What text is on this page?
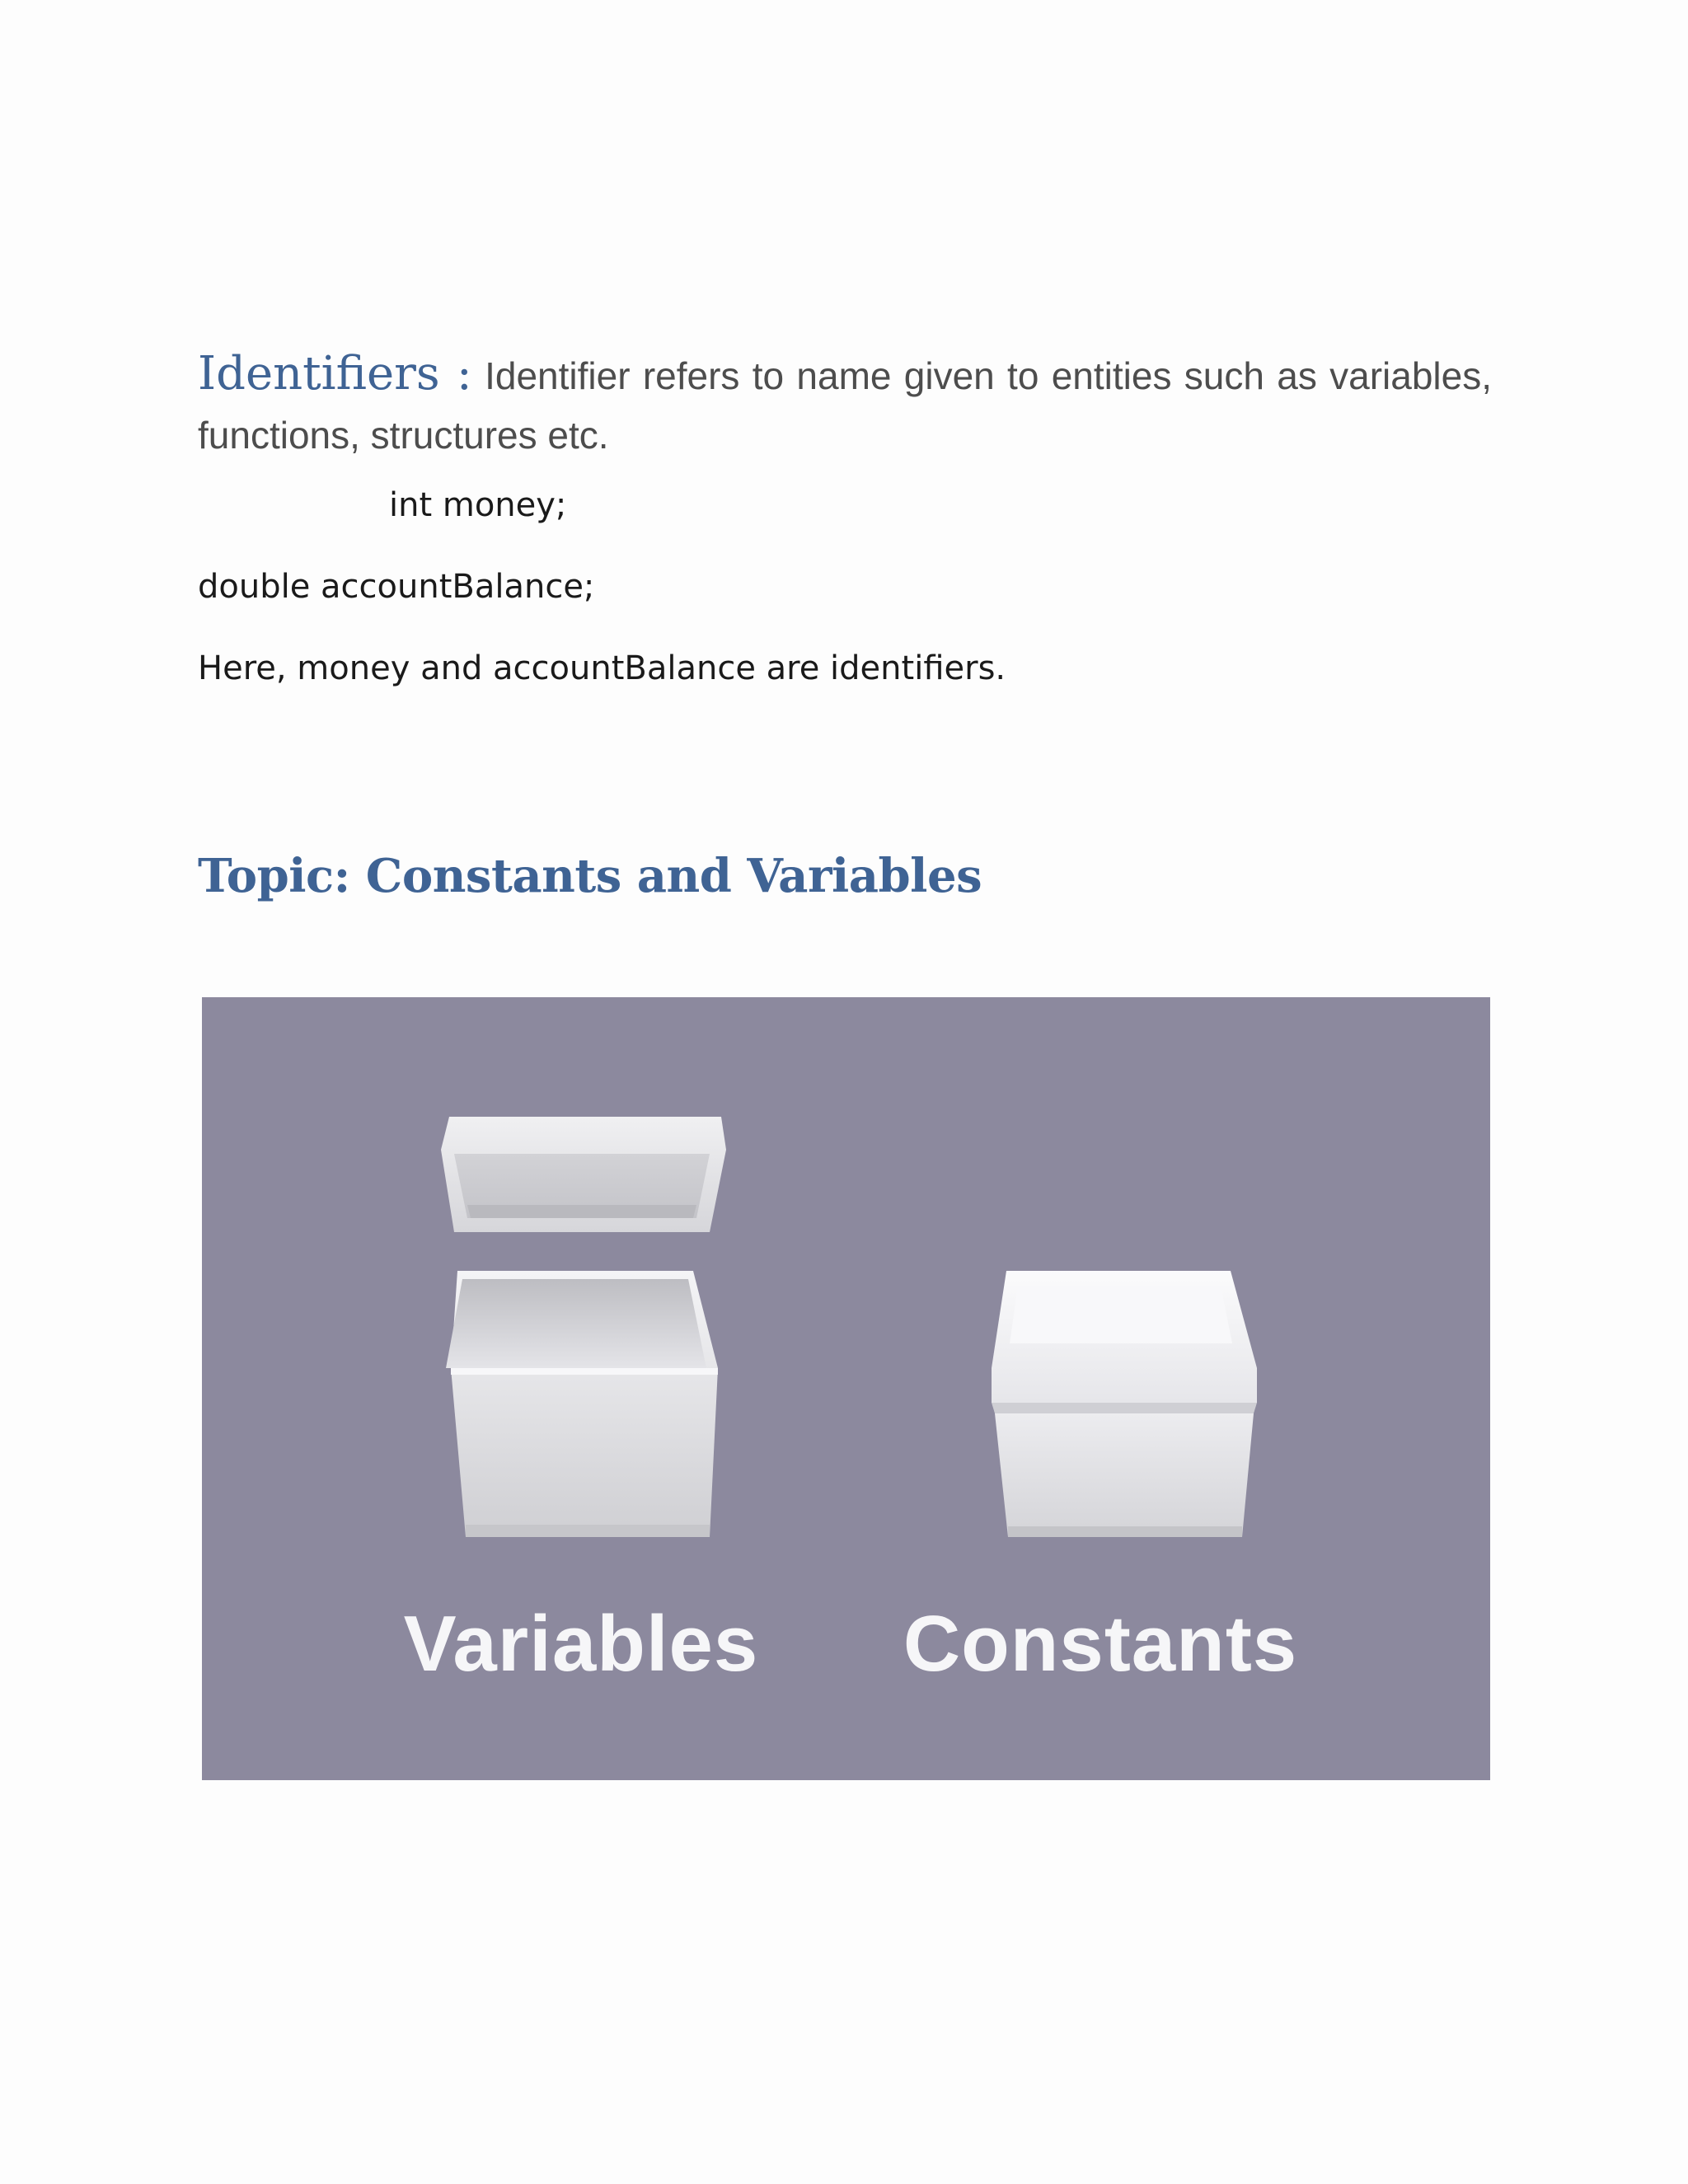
Identifiers : Identifier refers to name given to entities such as variables, functions, structures etc.

int money;
double accountBalance;
Here, money and accountBalance are identifiers.
Topic: Constants and Variables
Variables	Constants
